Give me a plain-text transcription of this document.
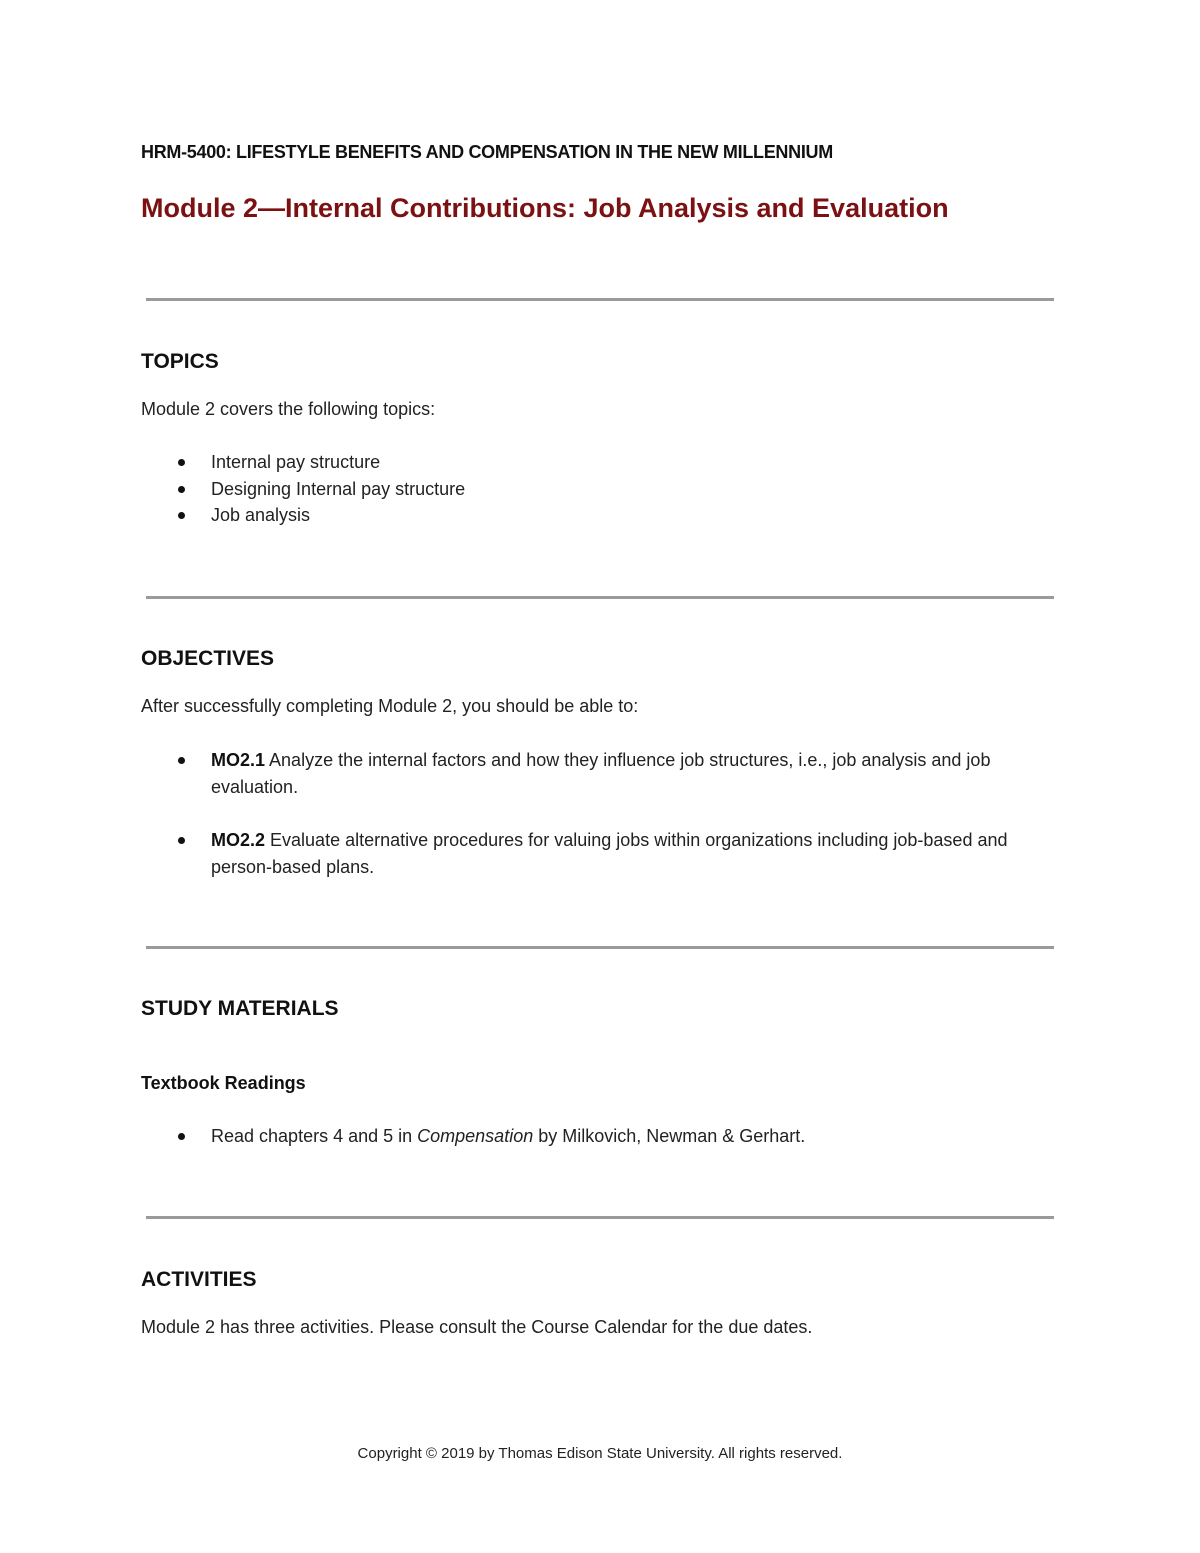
HRM-5400: LIFESTYLE BENEFITS AND COMPENSATION IN THE NEW MILLENNIUM
Module 2—Internal Contributions: Job Analysis and Evaluation
TOPICS
Module 2 covers the following topics:
Internal pay structure
Designing Internal pay structure
Job analysis
OBJECTIVES
After successfully completing Module 2, you should be able to:
MO2.1 Analyze the internal factors and how they influence job structures, i.e., job analysis and job evaluation.
MO2.2 Evaluate alternative procedures for valuing jobs within organizations including job-based and person-based plans.
STUDY MATERIALS
Textbook Readings
Read chapters 4 and 5 in Compensation by Milkovich, Newman & Gerhart.
ACTIVITIES
Module 2 has three activities. Please consult the Course Calendar for the due dates.
Copyright © 2019 by Thomas Edison State University. All rights reserved.
